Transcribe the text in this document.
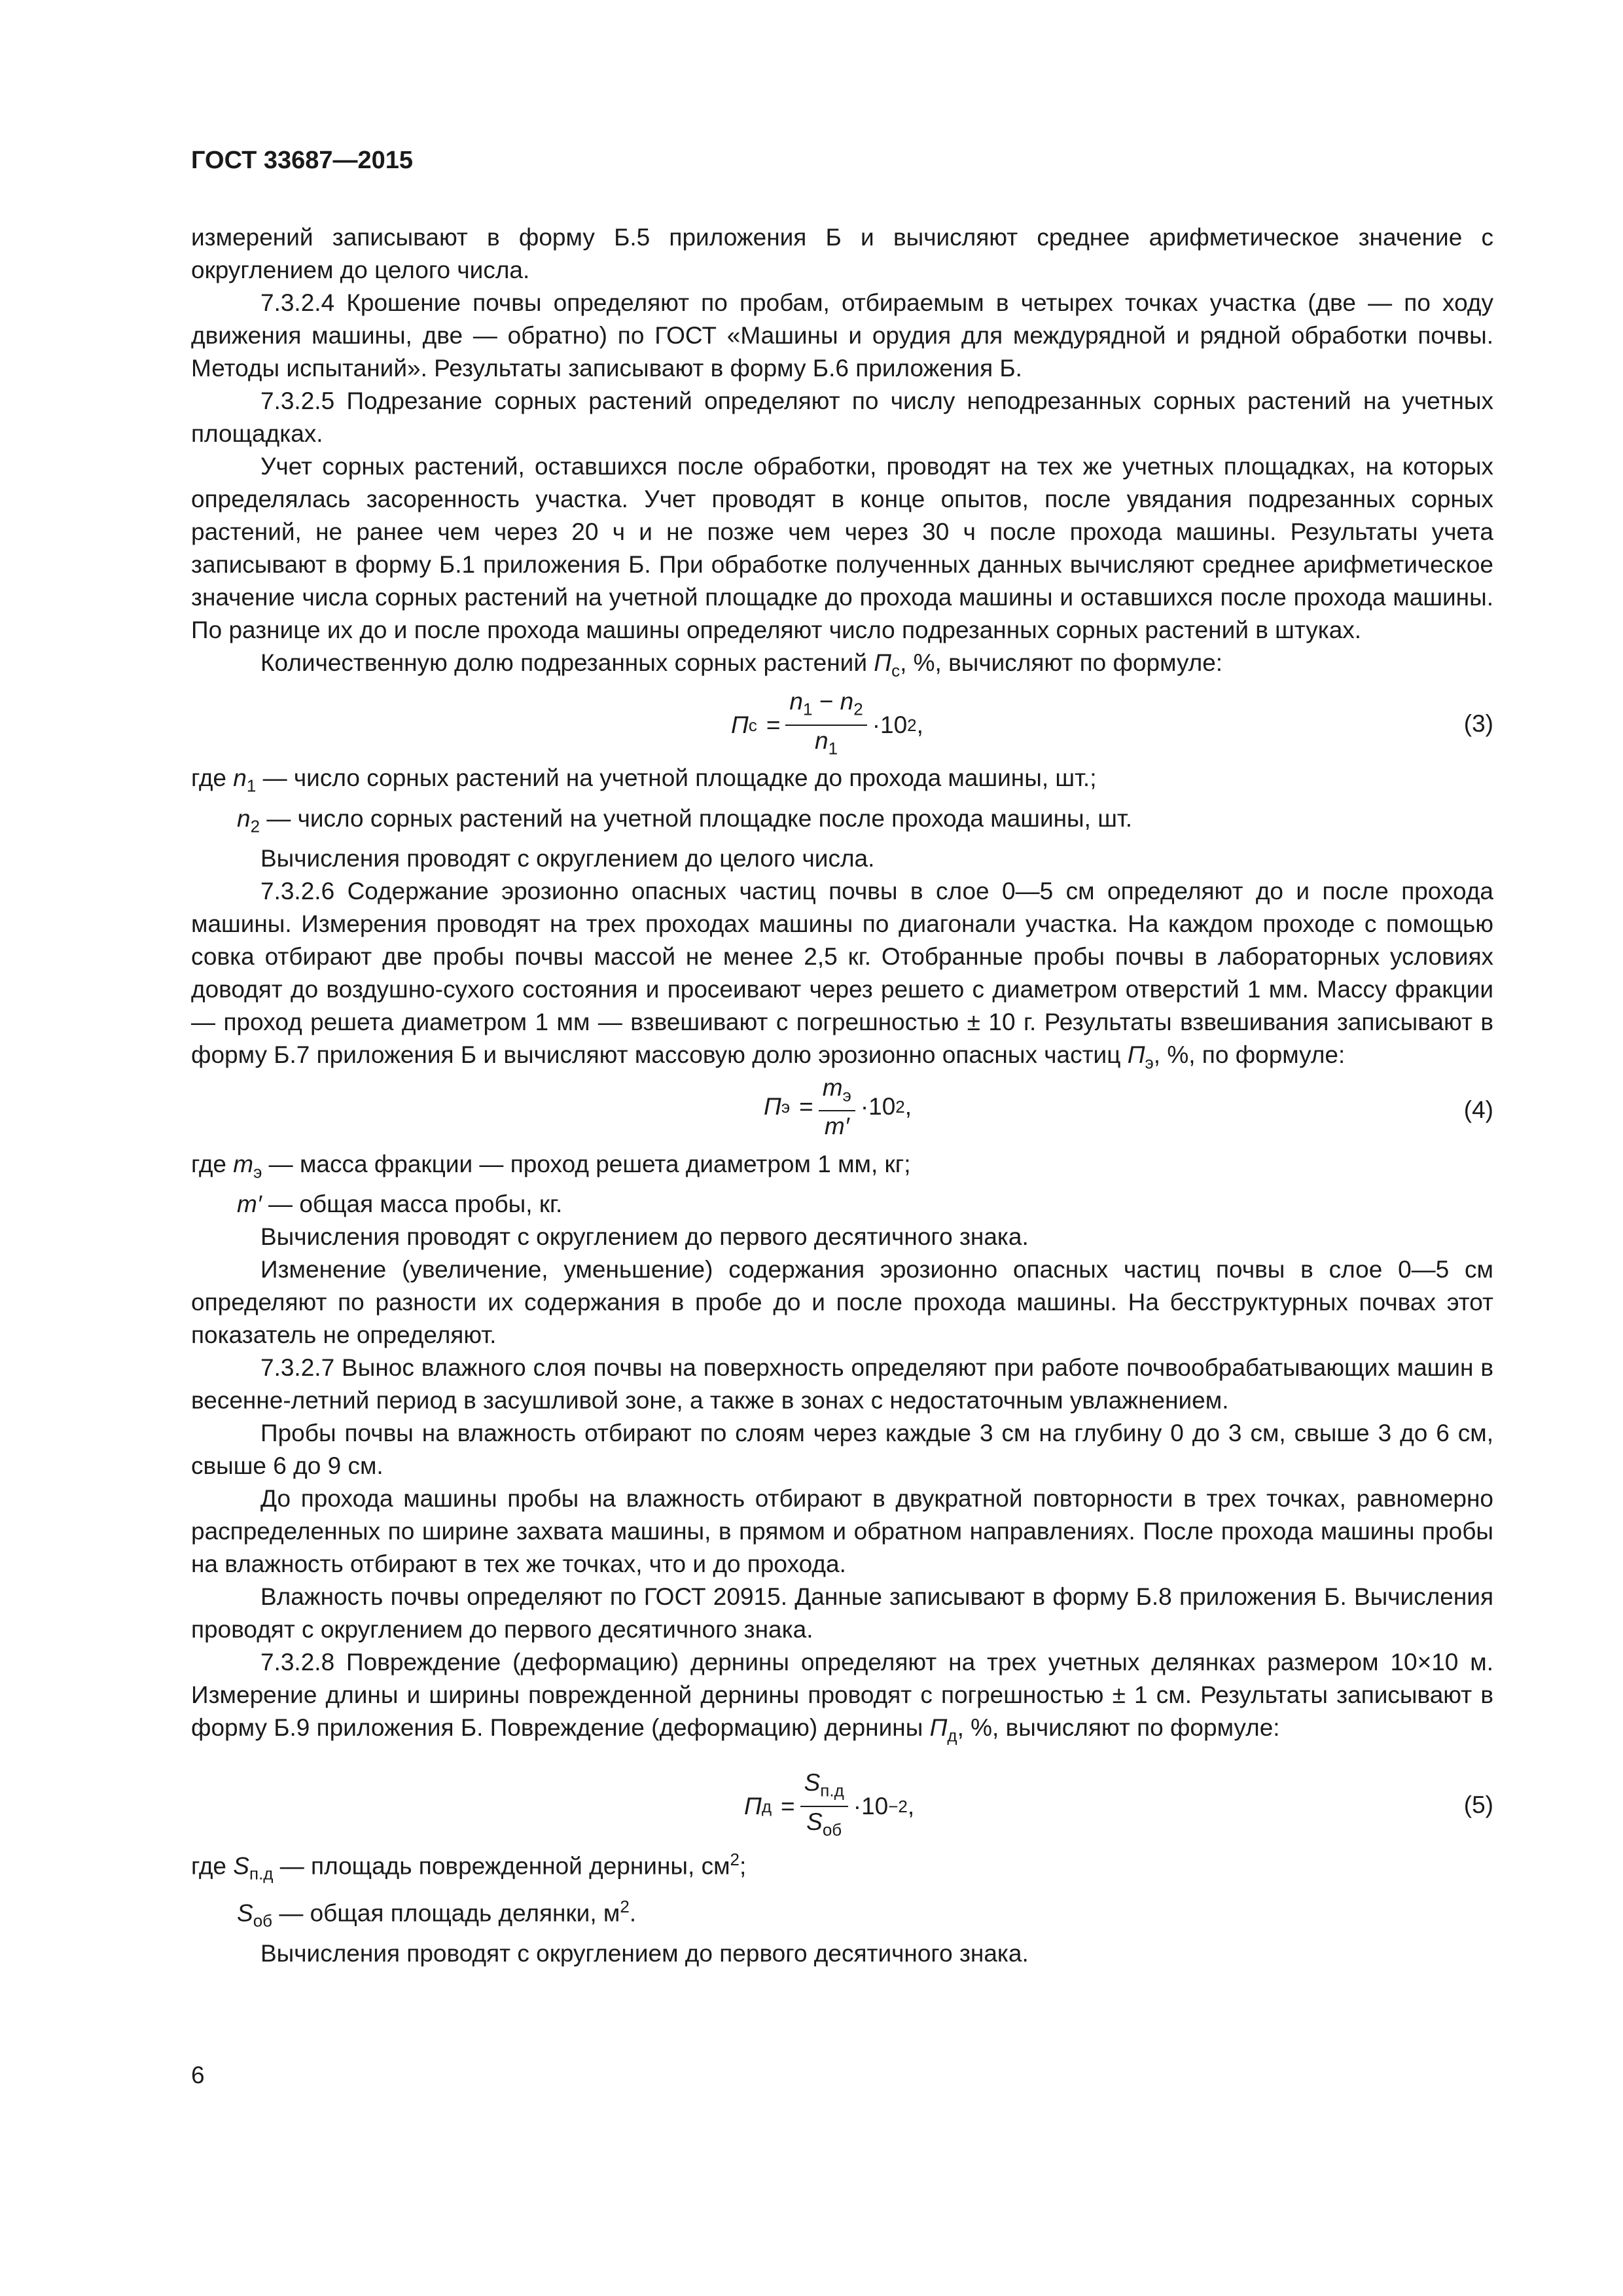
ГОСТ 33687—2015

измерений записывают в форму Б.5 приложения Б и вычисляют среднее арифметическое значение с округлением до целого числа.

7.3.2.4 Крошение почвы определяют по пробам, отбираемым в четырех точках участка (две — по ходу движения машины, две — обратно) по ГОСТ «Машины и орудия для междурядной и рядной обработки почвы. Методы испытаний». Результаты записывают в форму Б.6 приложения Б.

7.3.2.5 Подрезание сорных растений определяют по числу неподрезанных сорных растений на учетных площадках.

Учет сорных растений, оставшихся после обработки, проводят на тех же учетных площадках, на которых определялась засоренность участка. Учет проводят в конце опытов, после увядания подрезанных сорных растений, не ранее чем через 20 ч и не позже чем через 30 ч после прохода машины. Результаты учета записывают в форму Б.1 приложения Б. При обработке полученных данных вычисляют среднее арифметическое значение числа сорных растений на учетной площадке до прохода машины и оставшихся после прохода машины. По разнице их до и после прохода машины определяют число подрезанных сорных растений в штуках.

Количественную долю подрезанных сорных растений $П_с$, %, вычисляют по формуле:

П $с = \frac{n_1 - n_2}{n_1} \cdot 10$ 2 ,	(3)

где $n_1$ — число сорных растений на учетной площадке до прохода машины, шт.;

$n_2$ — число сорных растений на учетной площадке после прохода машины, шт.

Вычисления проводят с округлением до целого числа.

7.3.2.6 Содержание эрозионно опасных частиц почвы в слое 0—5 см определяют до и после прохода машины. Измерения проводят на трех проходах машины по диагонали участка. На каждом проходе с помощью совка отбирают две пробы почвы массой не менее 2,5 кг. Отобранные пробы почвы в лабораторных условиях доводят до воздушно-сухого состояния и просеивают через решето с диаметром отверстий 1 мм. Массу фракции — проход решета диаметром 1 мм — взвешивают с погрешностью ± 10 г. Результаты взвешивания записывают в форму Б.7 приложения Б и вычисляют массовую долю эрозионно опасных частиц $П_э$, %, по формуле:

П $э = \frac{m_э}{m'} \cdot 10$ 2 ,	(4)

где $m_э$ — масса фракции — проход решета диаметром 1 мм, кг;

m′ — общая масса пробы, кг.

Вычисления проводят с округлением до первого десятичного знака.

Изменение (увеличение, уменьшение) содержания эрозионно опасных частиц почвы в слое 0—5 см определяют по разности их содержания в пробе до и после прохода машины. На бесструктурных почвах этот показатель не определяют.

7.3.2.7 Вынос влажного слоя почвы на поверхность определяют при работе почвообрабатывающих машин в весенне-летний период в засушливой зоне, а также в зонах с недостаточным увлажнением.

Пробы почвы на влажность отбирают по слоям через каждые 3 см на глубину 0 до 3 см, свыше 3 до 6 см, свыше 6 до 9 см.

До прохода машины пробы на влажность отбирают в двукратной повторности в трех точках, равномерно распределенных по ширине захвата машины, в прямом и обратном направлениях. После прохода машины пробы на влажность отбирают в тех же точках, что и до прохода.

Влажность почвы определяют по ГОСТ 20915. Данные записывают в форму Б.8 приложения Б. Вычисления проводят с округлением до первого десятичного знака.

7.3.2.8 Повреждение (деформацию) дернины определяют на трех учетных делянках размером 10×10 м. Измерение длины и ширины поврежденной дернины проводят с погрешностью ± 1 см. Результаты записывают в форму Б.9 приложения Б. Повреждение (деформацию) дернины $П_д$, %, вычисляют по формуле:

П $д = \frac{S_{п.д}}{S_{об}} \cdot 10 -2$ ,	(5)

где $S_{п.д}$ — площадь поврежденной дернины, $см^2$;

$S_{об}$ — общая площадь делянки, $м^2$.

Вычисления проводят с округлением до первого десятичного знака.

6
